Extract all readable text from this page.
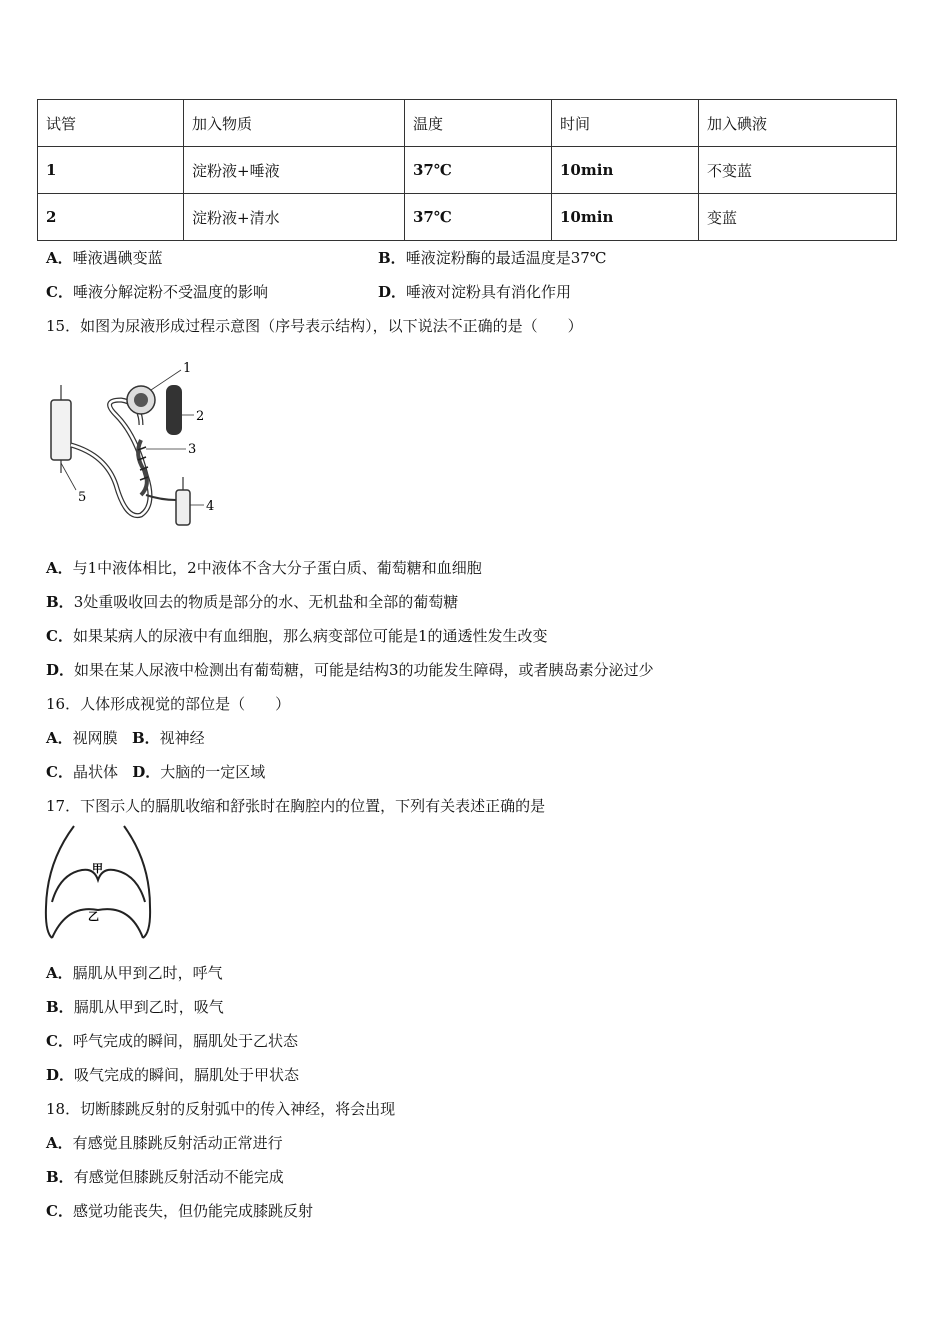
试管	加入物质	温度	时间	加入碘液
1	淀粉液+唾液	37℃	10min	不变蓝
2	淀粉液+清水	37℃	10min	变蓝
A．唾液遇碘变蓝	B．唾液淀粉酶的最适温度是37℃
C．唾液分解淀粉不受温度的影响	D．唾液对淀粉具有消化作用
15．如图为尿液形成过程示意图（序号表示结构），以下说法不正确的是（　　）
1
2
3
4
5
A．与1中液体相比，2中液体不含大分子蛋白质、葡萄糖和血细胞
B．3处重吸收回去的物质是部分的水、无机盐和全部的葡萄糖
C．如果某病人的尿液中有血细胞，那么病变部位可能是1的通透性发生改变
D．如果在某人尿液中检测出有葡萄糖，可能是结构3的功能发生障碍，或者胰岛素分泌过少
16．人体形成视觉的部位是（　　）
A．视网膜 B．视神经
C．晶状体 D．大脑的一定区域
17．下图示人的膈肌收缩和舒张时在胸腔内的位置，下列有关表述正确的是
甲
乙
A．膈肌从甲到乙时，呼气
B．膈肌从甲到乙时，吸气
C．呼气完成的瞬间，膈肌处于乙状态
D．吸气完成的瞬间，膈肌处于甲状态
18．切断膝跳反射的反射弧中的传入神经，将会出现
A．有感觉且膝跳反射活动正常进行
B．有感觉但膝跳反射活动不能完成
C．感觉功能丧失，但仍能完成膝跳反射
